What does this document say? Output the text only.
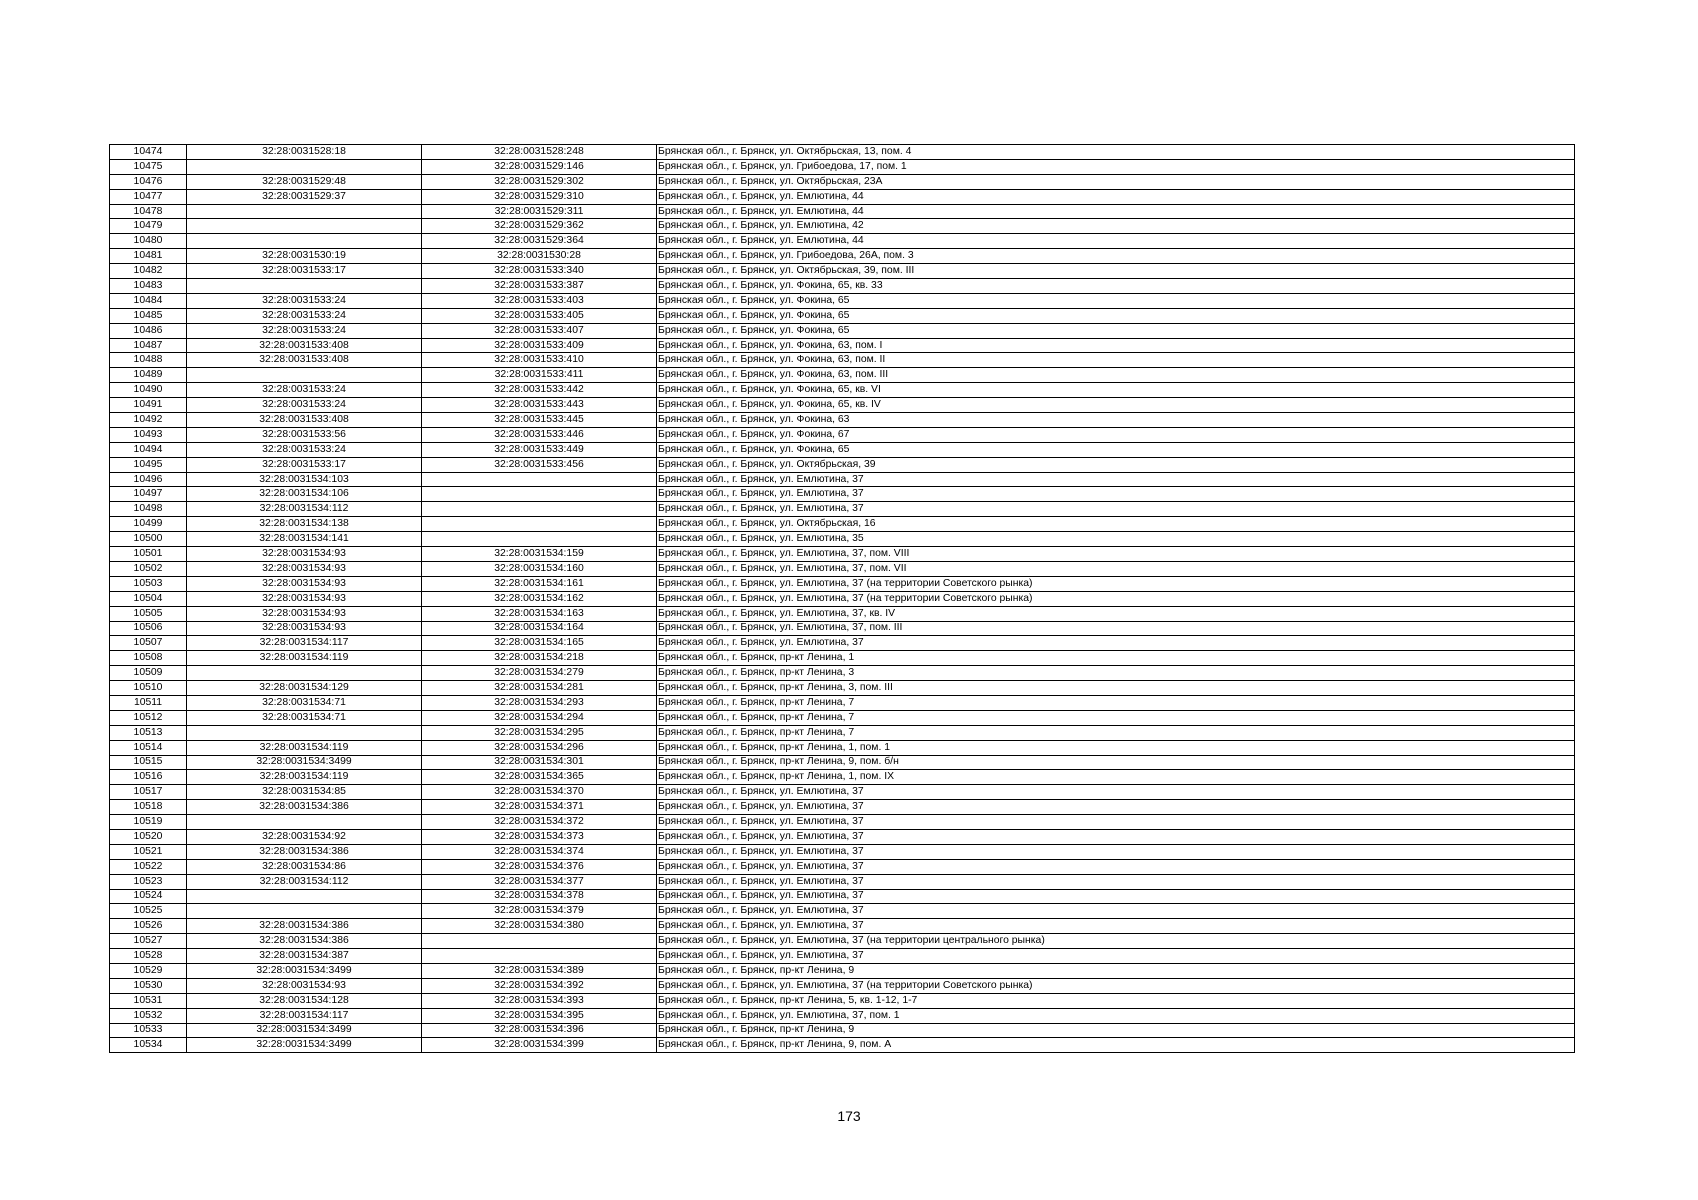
10474	32:28:0031528:18	32:28:0031528:248	Брянская обл., г. Брянск, ул. Октябрьская, 13, пом. 4
10475		32:28:0031529:146	Брянская обл., г. Брянск, ул. Грибоедова, 17, пом. 1
10476	32:28:0031529:48	32:28:0031529:302	Брянская обл., г. Брянск, ул. Октябрьская, 23А
10477	32:28:0031529:37	32:28:0031529:310	Брянская обл., г. Брянск, ул. Емлютина, 44
10478		32:28:0031529:311	Брянская обл., г. Брянск, ул. Емлютина, 44
10479		32:28:0031529:362	Брянская обл., г. Брянск, ул. Емлютина, 42
10480		32:28:0031529:364	Брянская обл., г. Брянск, ул. Емлютина, 44
10481	32:28:0031530:19	32:28:0031530:28	Брянская обл., г. Брянск, ул. Грибоедова, 26А, пом. 3
10482	32:28:0031533:17	32:28:0031533:340	Брянская обл., г. Брянск, ул. Октябрьская, 39, пом. III
10483		32:28:0031533:387	Брянская обл., г. Брянск, ул. Фокина, 65, кв. 33
10484	32:28:0031533:24	32:28:0031533:403	Брянская обл., г. Брянск, ул. Фокина, 65
10485	32:28:0031533:24	32:28:0031533:405	Брянская обл., г. Брянск, ул. Фокина, 65
10486	32:28:0031533:24	32:28:0031533:407	Брянская обл., г. Брянск, ул. Фокина, 65
10487	32:28:0031533:408	32:28:0031533:409	Брянская обл., г. Брянск, ул. Фокина, 63, пом. I
10488	32:28:0031533:408	32:28:0031533:410	Брянская обл., г. Брянск, ул. Фокина, 63, пом. II
10489		32:28:0031533:411	Брянская обл., г. Брянск, ул. Фокина, 63, пом. III
10490	32:28:0031533:24	32:28:0031533:442	Брянская обл., г. Брянск, ул. Фокина, 65, кв. VI
10491	32:28:0031533:24	32:28:0031533:443	Брянская обл., г. Брянск, ул. Фокина, 65, кв. IV
10492	32:28:0031533:408	32:28:0031533:445	Брянская обл., г. Брянск, ул. Фокина, 63
10493	32:28:0031533:56	32:28:0031533:446	Брянская обл., г. Брянск, ул. Фокина, 67
10494	32:28:0031533:24	32:28:0031533:449	Брянская обл., г. Брянск, ул. Фокина, 65
10495	32:28:0031533:17	32:28:0031533:456	Брянская обл., г. Брянск, ул. Октябрьская, 39
10496	32:28:0031534:103		Брянская обл., г. Брянск, ул. Емлютина, 37
10497	32:28:0031534:106		Брянская обл., г. Брянск, ул. Емлютина, 37
10498	32:28:0031534:112		Брянская обл., г. Брянск, ул. Емлютина, 37
10499	32:28:0031534:138		Брянская обл., г. Брянск, ул. Октябрьская, 16
10500	32:28:0031534:141		Брянская обл., г. Брянск, ул. Емлютина, 35
10501	32:28:0031534:93	32:28:0031534:159	Брянская обл., г. Брянск, ул. Емлютина, 37, пом. VIII
10502	32:28:0031534:93	32:28:0031534:160	Брянская обл., г. Брянск, ул. Емлютина, 37, пом. VII
10503	32:28:0031534:93	32:28:0031534:161	Брянская обл., г. Брянск, ул. Емлютина, 37 (на территории Советского рынка)
10504	32:28:0031534:93	32:28:0031534:162	Брянская обл., г. Брянск, ул. Емлютина, 37 (на территории Советского рынка)
10505	32:28:0031534:93	32:28:0031534:163	Брянская обл., г. Брянск, ул. Емлютина, 37, кв. IV
10506	32:28:0031534:93	32:28:0031534:164	Брянская обл., г. Брянск, ул. Емлютина, 37, пом. III
10507	32:28:0031534:117	32:28:0031534:165	Брянская обл., г. Брянск, ул. Емлютина, 37
10508	32:28:0031534:119	32:28:0031534:218	Брянская обл., г. Брянск, пр-кт Ленина, 1
10509		32:28:0031534:279	Брянская обл., г. Брянск, пр-кт Ленина, 3
10510	32:28:0031534:129	32:28:0031534:281	Брянская обл., г. Брянск, пр-кт Ленина, 3, пом. III
10511	32:28:0031534:71	32:28:0031534:293	Брянская обл., г. Брянск, пр-кт Ленина, 7
10512	32:28:0031534:71	32:28:0031534:294	Брянская обл., г. Брянск, пр-кт Ленина, 7
10513		32:28:0031534:295	Брянская обл., г. Брянск, пр-кт Ленина, 7
10514	32:28:0031534:119	32:28:0031534:296	Брянская обл., г. Брянск, пр-кт Ленина, 1, пом. 1
10515	32:28:0031534:3499	32:28:0031534:301	Брянская обл., г. Брянск, пр-кт Ленина, 9, пом. б/н
10516	32:28:0031534:119	32:28:0031534:365	Брянская обл., г. Брянск, пр-кт Ленина, 1, пом. IX
10517	32:28:0031534:85	32:28:0031534:370	Брянская обл., г. Брянск, ул. Емлютина, 37
10518	32:28:0031534:386	32:28:0031534:371	Брянская обл., г. Брянск, ул. Емлютина, 37
10519		32:28:0031534:372	Брянская обл., г. Брянск, ул. Емлютина, 37
10520	32:28:0031534:92	32:28:0031534:373	Брянская обл., г. Брянск, ул. Емлютина, 37
10521	32:28:0031534:386	32:28:0031534:374	Брянская обл., г. Брянск, ул. Емлютина, 37
10522	32:28:0031534:86	32:28:0031534:376	Брянская обл., г. Брянск, ул. Емлютина, 37
10523	32:28:0031534:112	32:28:0031534:377	Брянская обл., г. Брянск, ул. Емлютина, 37
10524		32:28:0031534:378	Брянская обл., г. Брянск, ул. Емлютина, 37
10525		32:28:0031534:379	Брянская обл., г. Брянск, ул. Емлютина, 37
10526	32:28:0031534:386	32:28:0031534:380	Брянская обл., г. Брянск, ул. Емлютина, 37
10527	32:28:0031534:386		Брянская обл., г. Брянск, ул. Емлютина, 37 (на территории центрального рынка)
10528	32:28:0031534:387		Брянская обл., г. Брянск, ул. Емлютина, 37
10529	32:28:0031534:3499	32:28:0031534:389	Брянская обл., г. Брянск, пр-кт Ленина, 9
10530	32:28:0031534:93	32:28:0031534:392	Брянская обл., г. Брянск, ул. Емлютина, 37 (на территории Советского рынка)
10531	32:28:0031534:128	32:28:0031534:393	Брянская обл., г. Брянск, пр-кт Ленина, 5, кв. 1-12, 1-7
10532	32:28:0031534:117	32:28:0031534:395	Брянская обл., г. Брянск, ул. Емлютина, 37, пом. 1
10533	32:28:0031534:3499	32:28:0031534:396	Брянская обл., г. Брянск, пр-кт Ленина, 9
10534	32:28:0031534:3499	32:28:0031534:399	Брянская обл., г. Брянск, пр-кт Ленина, 9, пом. А
173
